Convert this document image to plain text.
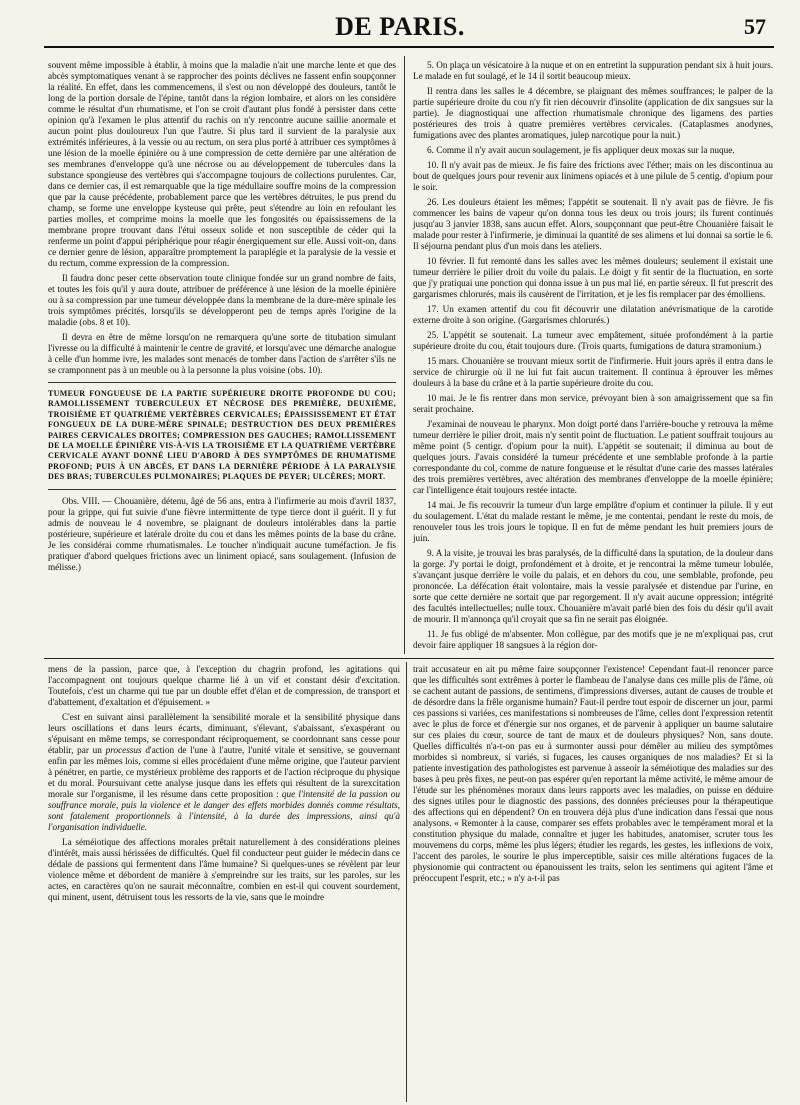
DE PARIS.	57

souvent même impossible à établir, à moins que la maladie n'ait une marche lente et que des abcès symptomatiques venant à se rapprocher des points déclives ne fassent enfin soupçonner la réalité. En effet, dans les commencemens, il s'est ou non développé des douleurs, tantôt le long de la portion dorsale de l'épine, tantôt dans la région lombaire, et alors on les considère comme le résultat d'un rhumatisme, et l'on se croit d'autant plus fondé à persister dans cette opinion qu'à l'examen le plus attentif du rachis on n'y rencontre aucune saillie anormale et aucun point plus douloureux l'un que l'autre. Si plus tard il survient de la paralysie aux extrémités inférieures, à la vessie ou au rectum, on sera plus porté à attribuer ces symptômes à une lésion de la moelle épinière ou à une compression de cette dernière par une altération de ses membranes d'enveloppe qu'à une nécrose ou au développement de tubercules dans la substance spongieuse des vertèbres qui s'accompagne toujours de collections purulentes. Car, dans ce dernier cas, il est remarquable que la tige médullaire souffre moins de la compression que par la cause précédente, probablement parce que les vertèbres détruites, le pus prend du champ, se forme une enveloppe kysteuse qui prête, peut s'étendre au loin en refoulant les parties molles, et comprime moins la moelle que les fongosités ou épaississemens de la membrane propre trouvant dans l'étui osseux solide et non susceptible de céder qui la renferme un point d'appui périphérique pour réagir énergiquement sur elle. Aussi voit-on, dans ce dernier genre de lésion, apparaître promptement la paraplégie et la paralysie de la vessie et du rectum, comme expression de la compression.

Il faudra donc peser cette observation toute clinique fondée sur un grand nombre de faits, et toutes les fois qu'il y aura doute, attribuer de préférence à une lésion de la moelle épinière ou à sa compression par une tumeur développée dans la membrane de la dure-mère spinale les trois symptômes précités, lorsqu'ils se développeront peu de temps après l'origine de la maladie (obs. 8 et 10).

Il devra en être de même lorsqu'on ne remarquera qu'une sorte de titubation simulant l'ivresse ou la difficulté à maintenir le centre de gravité, et lorsqu'avec une démarche analogue à celle d'un homme ivre, les malades sont menacés de tomber dans l'action de s'arrêter s'ils ne se cramponnent pas à un meuble ou à la personne la plus voisine (obs. 10).

TUMEUR FONGUEUSE DE LA PARTIE SUPÉRIEURE DROITE PROFONDE DU COU; RAMOLLISSEMENT TUBERCULEUX ET NÉCROSE DES PREMIÈRE, DEUXIÈME, TROISIÈME ET QUATRIÈME VERTÈBRES CERVICALES; ÉPAISSISSEMENT ET ÉTAT FONGUEUX DE LA DURE-MÈRE SPINALE; DESTRUCTION DES DEUX PREMIÈRES PAIRES CERVICALES DROITES; COMPRESSION DES GAUCHES; RAMOLLISSEMENT DE LA MOELLE ÉPINIÈRE VIS-À-VIS LA TROISIÈME ET LA QUATRIÈME VERTÈBRE CERVICALE AYANT DONNÉ LIEU D'ABORD À DES SYMPTÔMES DE RHUMATISME PROFOND; PUIS À UN ABCÈS, ET DANS LA DERNIÈRE PÉRIODE À LA PARALYSIE DES BRAS; TUBERCULES PULMONAIRES; PLAQUES DE PEYER; ULCÈRES; MORT.

Obs. VIII. — Chouanière, détenu, âgé de 56 ans, entra à l'infirmerie au mois d'avril 1837, pour la grippe, qui fut suivie d'une fièvre intermittente de type tierce dont il guérit. Il y fut admis de nouveau le 4 novembre, se plaignant de douleurs intolérables dans la partie postérieure, supérieure et latérale droite du cou et dans les mêmes points de la base du crâne. Je les considérai comme rhumatismales. Le toucher n'indiquait aucune tuméfaction. Je fis pratiquer d'abord quelques frictions avec un liniment opiacé, sans soulagement. (Infusion de mélisse.)

5. On plaça un vésicatoire à la nuque et on en entretint la suppuration pendant six à huit jours. Le malade en fut soulagé, et le 14 il sortit beaucoup mieux.

Il rentra dans les salles le 4 décembre, se plaignant des mêmes souffrances; le palper de la partie supérieure droite du cou n'y fit rien découvrir d'insolite (application de dix sangsues sur la partie). Je diagnostiquai une affection rhumatismale chronique des ligamens des parties postérieures des trois à quatre premières vertèbres cervicales. (Cataplasmes anodynes, fumigations avec des plantes aromatiques, julep narcotique pour la nuit.)

6. Comme il n'y avait aucun soulagement, je fis appliquer deux moxas sur la nuque.

10. Il n'y avait pas de mieux. Je fis faire des frictions avec l'éther; mais on les discontinua au bout de quelques jours pour revenir aux linimens opiacés et à une pilule de 5 centig. d'opium pour le soir.

26. Les douleurs étaient les mêmes; l'appétit se soutenait. Il n'y avait pas de fièvre. Je fis commencer les bains de vapeur qu'on donna tous les deux ou trois jours; ils furent continués jusqu'au 3 janvier 1838, sans aucun effet. Alors, soupçonnant que peut-être Chouanière faisait le malade pour rester à l'infirmerie, je diminuai la quantité de ses alimens et lui donnai sa sortie le 6. Il séjourna pendant plus d'un mois dans les ateliers.

10 février. Il fut remonté dans les salles avec les mêmes douleurs; seulement il existait une tumeur derrière le pilier droit du voile du palais. Le doigt y fit sentir de la fluctuation, en sorte que j'y pratiquai une ponction qui donna issue à un pus mal lié, en partie séreux. Il fut prescrit des gargarismes chlorurés, mais ils causèrent de l'irritation, et je les fis remplacer par des émolliens.

17. Un examen attentif du cou fit découvrir une dilatation anévrismatique de la carotide externe droite à son origine. (Gargarismes chlorurés.)

25. L'appétit se soutenait. La tumeur avec empâtement, située profondément à la partie supérieure droite du cou, était toujours dure. (Trois quarts, fumigations de datura stramonium.)

15 mars. Chouanière se trouvant mieux sortit de l'infirmerie. Huit jours après il entra dans le service de chirurgie où il ne lui fut fait aucun traitement. Il continua à éprouver les mêmes douleurs à la base du crâne et à la partie supérieure droite du cou.

10 mai. Je le fis rentrer dans mon service, prévoyant bien à son amaigrissement que sa fin serait prochaine.

J'examinai de nouveau le pharynx. Mon doigt porté dans l'arrière-bouche y retrouva la même tumeur derrière le pilier droit, mais n'y sentit point de fluctuation. Le patient souffrait toujours au même point (5 centigr. d'opium pour la nuit). L'appétit se soutenait; il diminua au bout de quelques jours. J'avais considéré la tumeur précédente et une semblable profonde à la partie correspondante du col, comme de nature fongueuse et le résultat d'une carie des masses latérales des trois premières vertèbres, avec altération des membranes d'enveloppe de la moelle épinière; car l'intelligence était toujours restée intacte.

14 mai. Je fis recouvrir la tumeur d'un large emplâtre d'opium et continuer la pilule. Il y eut du soulagement. L'état du malade restant le même, je me contentai, pendant le reste du mois, de renouveler tous les trois jours le topique. Il en fut de même pendant les huit premiers jours de juin.

9. A la visite, je trouvai les bras paralysés, de la difficulté dans la sputation, de la douleur dans la gorge. J'y portai le doigt, profondément et à droite, et je rencontrai la même tumeur lobulée, s'avançant jusque derrière le voile du palais, et en dehors du cou, une semblable, profonde, peu prononcée. La défécation était volontaire, mais la vessie paralysée et distendue par l'urine, en sorte que cette dernière ne sortait que par regorgement. Il n'y avait aucune oppression; intégrité des facultés intellectuelles; nulle toux. Chouanière m'avait parlé bien des fois du désir qu'il avait de mourir. Il m'annonça qu'il croyait que sa fin ne serait pas éloignée.

11. Je fus obligé de m'absenter. Mon collègue, par des motifs que je ne m'expliquai pas, crut devoir faire appliquer 18 sangsues à la région dor-

mens de la passion, parce que, à l'exception du chagrin profond, les agitations qui l'accompagnent ont toujours quelque charme lié à un vif et constant désir d'excitation. Toutefois, c'est un charme qui tue par un double effet d'élan et de compression, de transport et d'abattement, d'exaltation et d'épuisement. »

C'est en suivant ainsi parallèlement la sensibilité morale et la sensibilité physique dans leurs oscillations et dans leurs écarts, diminuant, s'élevant, s'abaissant, s'exaspérant ou s'épuisant en même temps, se correspondant réciproquement, se coordonnant sans cesse pour établir, par un processus d'action de l'une à l'autre, l'unité vitale et sensitive, se gouvernant enfin par les mêmes lois, comme si elles procédaient d'une même origine, que l'auteur parvient à pénétrer, en partie, ce mystérieux problème des rapports et de l'action réciproque du physique et du moral. Poursuivant cette analyse jusque dans les effets qui résultent de la surexcitation morale sur l'organisme, il les résume dans cette proposition : que l'intensité de la passion ou souffrance morale, puis la violence et le danger des effets morbides donnés comme résultats, sont fatalement proportionnels à l'intensité, à la durée des impressions, ainsi qu'à l'organisation individuelle.

La séméiotique des affections morales prêtait naturellement à des considérations pleines d'intérêt, mais aussi hérissées de difficultés. Quel fil conducteur peut guider le médecin dans ce dédale de passions qui fermentent dans l'âme humaine? Si quelques-unes se révèlent par leur violence même et débordent de manière à s'empreindre sur les traits, sur les paroles, sur les actes, en caractères qu'on ne saurait méconnaître, combien en est-il qui couvent sourdement, qui minent, usent, détruisent tous les ressorts de la vie, sans que le moindre

trait accusateur en ait pu même faire soupçonner l'existence! Cependant faut-il renoncer parce que les difficultés sont extrêmes à porter le flambeau de l'analyse dans ces mille plis de l'âme, où se cachent autant de passions, de sentimens, d'impressions diverses, autant de causes de trouble et de désordre dans la frêle organisme humain? Faut-il perdre tout espoir de discerner un jour, parmi ces passions si variées, ces manifestations si nombreuses de l'âme, celles dont l'expression retentit avec le plus de force et d'énergie sur nos organes, et de parvenir à appliquer un baume salutaire sur ces plaies du cœur, source de tant de maux et de douleurs physiques? Non, sans doute. Quelles difficultés n'a-t-on pas eu à surmonter aussi pour démêler au milieu des symptômes morbides si nombreux, si variés, si fugaces, les causes organiques de nos maladies? Et si la patiente investigation des pathologistes est parvenue à asseoir la séméiotique des maladies sur des bases à peu près fixes, ne peut-on pas espérer qu'en reportant la même activité, le même amour de l'étude sur les phénomènes moraux dans leurs rapports avec les maladies, on puisse en déduire des signes utiles pour le diagnostic des passions, des données précieuses pour la thérapeutique des affections qui en dépendent? On en trouvera déjà plus d'une indication dans l'essai que nous analysons. « Remonter à la cause, comparer ses effets probables avec le tempérament moral et la constitution physique du malade, connaître et juger les habitudes, anatomiser, scruter tous les mouvemens du corps, même les plus légers; étudier les regards, les gestes, les inflexions de voix, l'accent des paroles, le sourire le plus imperceptible, saisir ces mille altérations fugaces de la physionomie qui contractent ou épanouissent les traits, selon les sentimens qui agitent l'âme et préoccupent l'esprit, etc.; » n'y a-t-il pas
